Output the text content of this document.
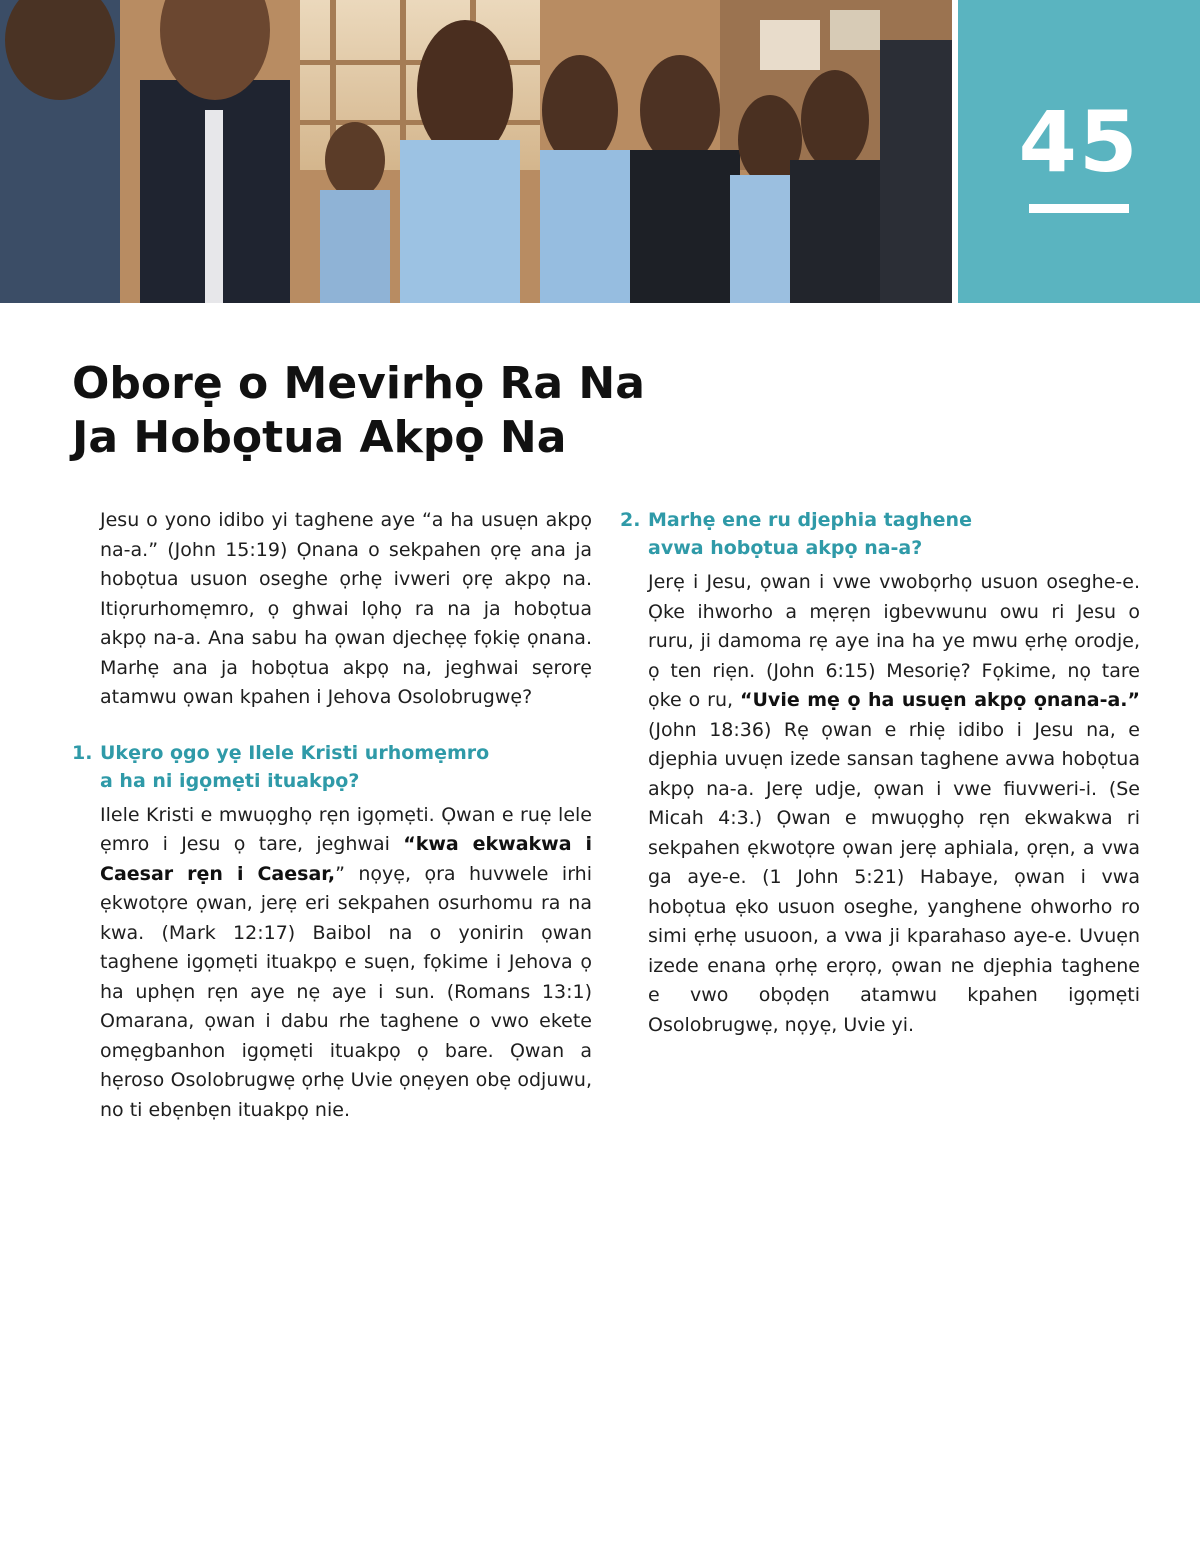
45
Oborẹ o Mevirhọ Ra Na
Ja Hobọtua Akpọ Na

Jesu o yono idibo yi taghene aye “a ha usuẹn akpọ na-a.” (John 15:19) Ọnana o sekpahen ọrẹ ana ja hobọtua usuon oseghe ọrhẹ ivweri ọrẹ akpọ na. Itiọrurhomẹmro, ọ ghwai lọhọ ra na ja hobọtua akpọ na-a. Ana sabu ha ọwan djechẹẹ fọkiẹ ọnana. Marhẹ ana ja hobọtua akpọ na, jeghwai sẹrorẹ atamwu ọwan kpahen i Jehova Osolobrugwẹ?

1. Ukẹro ọgo yẹ Ilele Kristi urhomẹmro
a ha ni igọmẹti ituakpọ?

Ilele Kristi e mwuọghọ rẹn igọmẹti. Ọwan e ruẹ lele ẹmro i Jesu ọ tare, jeghwai “kwa ekwakwa i Caesar rẹn i Caesar,” nọyẹ, ọra huvwele irhi ẹkwotọre ọwan, jerẹ eri sekpahen osurhomu ra na kwa. (Mark 12:17) Baibol na o yonirin ọwan taghene igọmẹti ituakpọ e suẹn, fọkime i Jehova ọ ha uphẹn rẹn aye nẹ aye i sun. (Romans 13:1) Omarana, ọwan i dabu rhe taghene o vwo ekete omẹgbanhon igọmẹti ituakpọ ọ bare. Ọwan a hẹroso Osolobrugwẹ ọrhẹ Uvie ọnẹyen obẹ odjuwu, no ti ebẹnbẹn ituakpọ nie.

2. Marhẹ ene ru djephia taghene
avwa hobọtua akpọ na-a?

Jerẹ i Jesu, ọwan i vwe vwobọrhọ usuon oseghe-e. Ọke ihworho a mẹrẹn igbevwunu owu ri Jesu o ruru, ji damoma rẹ aye ina ha ye mwu ẹrhẹ orodje, ọ ten riẹn. (John 6:15) Mesoriẹ? Fọkime, nọ tare ọke o ru, “Uvie mẹ ọ ha usuẹn akpọ ọnana-a.” (John 18:36) Rẹ ọwan e rhiẹ idibo i Jesu na, e djephia uvuẹn izede sansan taghene avwa hobọtua akpọ na-a. Jerẹ udje, ọwan i vwe fiuvweri-i. (Se Micah 4:3.) Ọwan e mwuọghọ rẹn ekwakwa ri sekpahen ẹkwotọre ọwan jerẹ aphiala, ọrẹn, a vwa ga aye-e. (1 John 5:21) Habaye, ọwan i vwa hobọtua ẹko usuon oseghe, yanghene ohworho ro simi ẹrhẹ usuoon, a vwa ji kparahaso aye-e. Uvuẹn izede enana ọrhẹ erọrọ, ọwan ne djephia taghene e vwo obọdẹn atamwu kpahen igọmẹti Osolobrugwẹ, nọyẹ, Uvie yi.
